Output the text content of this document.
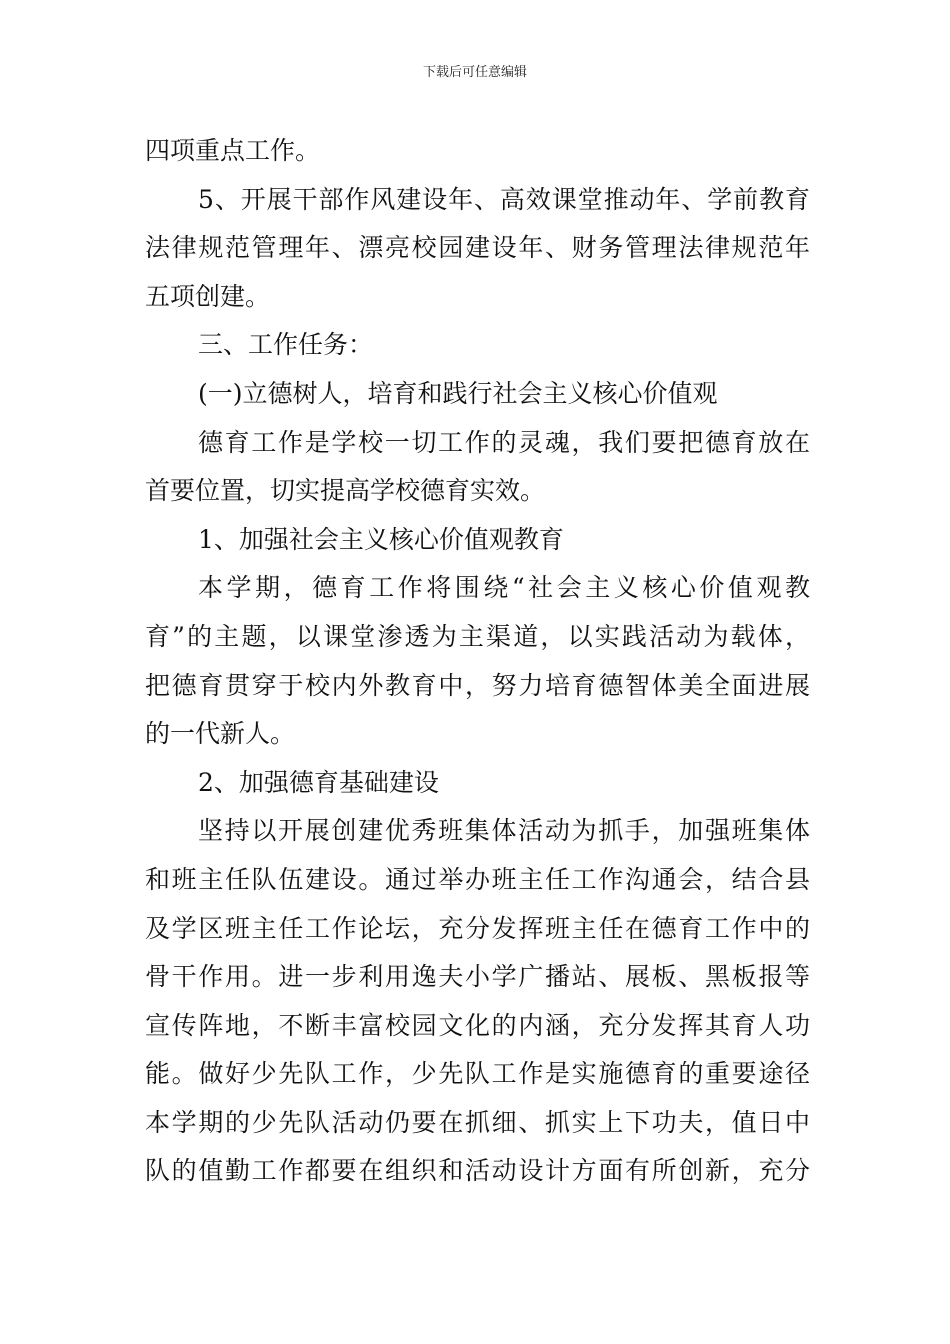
下载后可任意编辑
四项重点工作。
5、开展干部作风建设年、高效课堂推动年、学前教育
法律规范管理年、漂亮校园建设年、财务管理法律规范年
五项创建。
三、工作任务：
(一)立德树人，培育和践行社会主义核心价值观
德育工作是学校一切工作的灵魂，我们要把德育放在
首要位置，切实提高学校德育实效。
1、加强社会主义核心价值观教育
本学期，德育工作将围绕“社会主义核心价值观教
育”的主题，以课堂渗透为主渠道，以实践活动为载体，
把德育贯穿于校内外教育中，努力培育德智体美全面进展
的一代新人。
2、加强德育基础建设
坚持以开展创建优秀班集体活动为抓手，加强班集体
和班主任队伍建设。通过举办班主任工作沟通会，结合县
及学区班主任工作论坛，充分发挥班主任在德育工作中的
骨干作用。进一步利用逸夫小学广播站、展板、黑板报等
宣传阵地，不断丰富校园文化的内涵，充分发挥其育人功
能。做好少先队工作，少先队工作是实施德育的重要途径
本学期的少先队活动仍要在抓细、抓实上下功夫，值日中
队的值勤工作都要在组织和活动设计方面有所创新，充分
